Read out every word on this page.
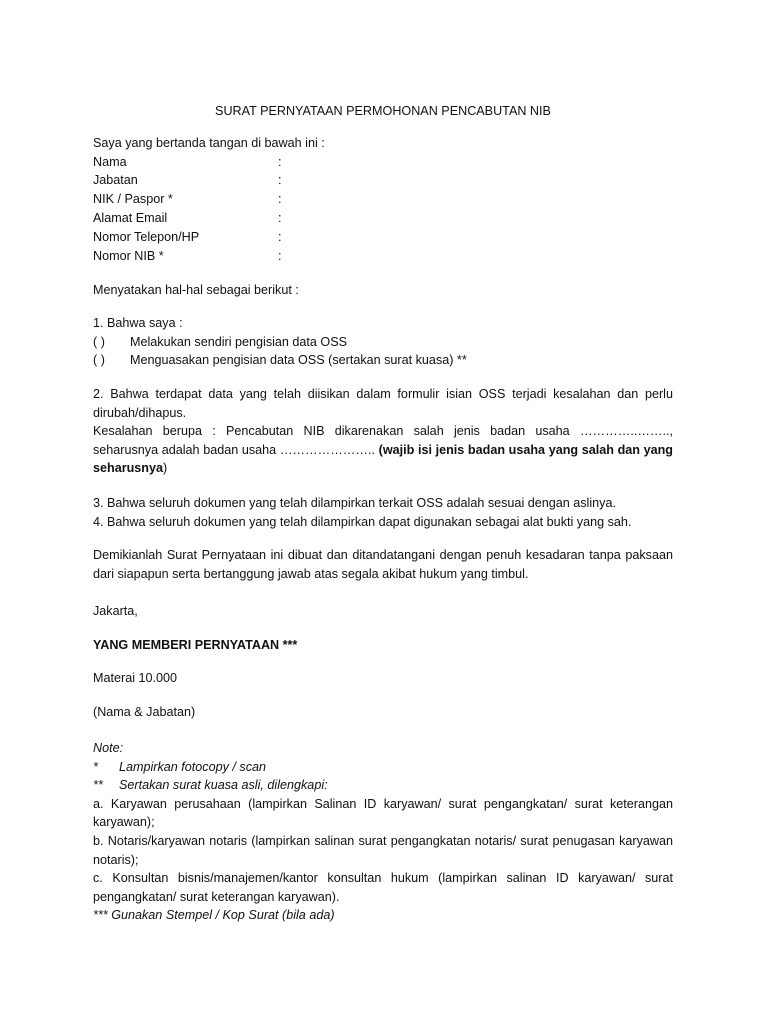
SURAT PERNYATAAN PERMOHONAN PENCABUTAN NIB

Saya yang bertanda tangan di bawah ini :

Nama	:
Jabatan	:
NIK / Paspor *	:
Alamat Email	:
Nomor Telepon/HP	:
Nomor NIB *	:

Menyatakan hal-hal sebagai berikut :

1. Bahwa saya :

( )	Melakukan sendiri pengisian data OSS
( )	Menguasakan pengisian data OSS (sertakan surat kuasa) **

2. Bahwa terdapat data yang telah diisikan dalam formulir isian OSS terjadi kesalahan dan perlu dirubah/dihapus.

Kesalahan berupa : Pencabutan NIB dikarenakan salah jenis badan usaha …………..…….., seharusnya adalah badan usaha ………………….. (wajib isi jenis badan usaha yang salah dan yang seharusnya)

3. Bahwa seluruh dokumen yang telah dilampirkan terkait OSS adalah sesuai dengan aslinya.

4. Bahwa seluruh dokumen yang telah dilampirkan dapat digunakan sebagai alat bukti yang sah.

Demikianlah Surat Pernyataan ini dibuat dan ditandatangani dengan penuh kesadaran tanpa paksaan dari siapapun serta bertanggung jawab atas segala akibat hukum yang timbul.

Jakarta,

YANG MEMBERI PERNYATAAN ***

Materai 10.000

(Nama & Jabatan)

Note:

*	Lampirkan fotocopy / scan
**	Sertakan surat kuasa asli, dilengkapi:

a. Karyawan perusahaan (lampirkan Salinan ID karyawan/ surat pengangkatan/ surat keterangan karyawan);

b. Notaris/karyawan notaris (lampirkan salinan surat pengangkatan notaris/ surat penugasan karyawan notaris);

c. Konsultan bisnis/manajemen/kantor konsultan hukum (lampirkan salinan ID karyawan/ surat pengangkatan/ surat keterangan karyawan).

*** Gunakan Stempel / Kop Surat (bila ada)
